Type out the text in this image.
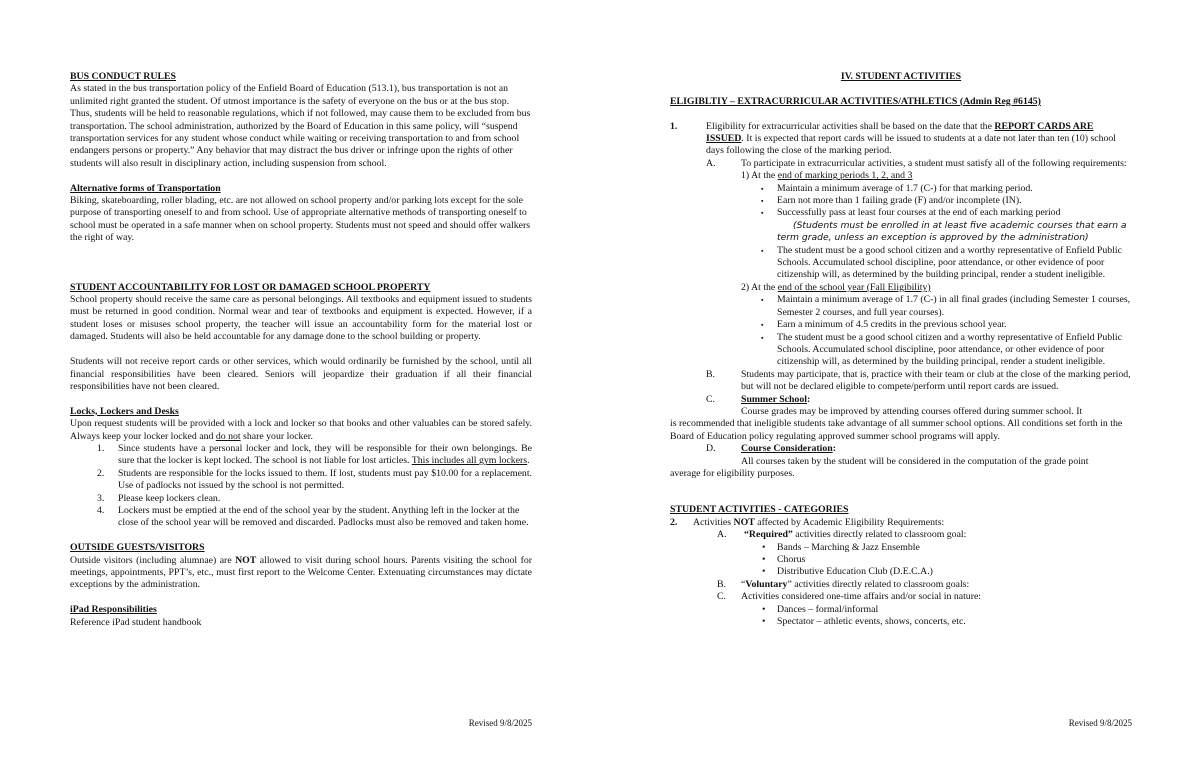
BUS CONDUCT RULES

As stated in the bus transportation policy of the Enfield Board of Education (513.1), bus transportation is not an unlimited right granted the student. Of utmost importance is the safety of everyone on the bus or at the bus stop. Thus, students will be held to reasonable regulations, which if not followed, may cause them to be excluded from bus transportation. The school administration, authorized by the Board of Education in this same policy, will “suspend transportation services for any student whose conduct while waiting or receiving transportation to and from school endangers persons or property.” Any behavior that may distract the bus driver or infringe upon the rights of other students will also result in disciplinary action, including suspension from school.

Alternative forms of Transportation

Biking, skateboarding, roller blading, etc. are not allowed on school property and/or parking lots except for the sole purpose of transporting oneself to and from school. Use of appropriate alternative methods of transporting oneself to school must be operated in a safe manner when on school property. Students must not speed and should offer walkers the right of way.

STUDENT ACCOUNTABILITY FOR LOST OR DAMAGED SCHOOL PROPERTY

School property should receive the same care as personal belongings. All textbooks and equipment issued to students must be returned in good condition. Normal wear and tear of textbooks and equipment is expected. However, if a student loses or misuses school property, the teacher will issue an accountability form for the material lost or damaged. Students will also be held accountable for any damage done to the school building or property.

Students will not receive report cards or other services, which would ordinarily be furnished by the school, until all financial responsibilities have been cleared. Seniors will jeopardize their graduation if all their financial responsibilities have not been cleared.

Locks, Lockers and Desks

Upon request students will be provided with a lock and locker so that books and other valuables can be stored safely. Always keep your locker locked and do not share your locker.

1. Since students have a personal locker and lock, they will be responsible for their own belongings. Be sure that the locker is kept locked. The school is not liable for lost articles. This includes all gym lockers.
2. Students are responsible for the locks issued to them. If lost, students must pay $10.00 for a replacement. Use of padlocks not issued by the school is not permitted.
3. Please keep lockers clean.
4. Lockers must be emptied at the end of the school year by the student. Anything left in the locker at the close of the school year will be removed and discarded. Padlocks must also be removed and taken home.
OUTSIDE GUESTS/VISITORS

Outside visitors (including alumnae) are NOT allowed to visit during school hours. Parents visiting the school for meetings, appointments, PPT’s, etc., must first report to the Welcome Center. Extenuating circumstances may dictate exceptions by the administration.

iPad Responsibilities

Reference iPad student handbook

Revised 9/8/2025
IV. STUDENT ACTIVITIES
ELIGIBLTIY – EXTRACURRICULAR ACTIVITIES/ATHLETICS (Admin Reg #6145)
1.	Eligibility for extracurricular activities shall be based on the date that the REPORT CARDS ARE ISSUED. It is expected that report cards will be issued to students at a date not later than ten (10) school days following the close of the marking period.
A.	To participate in extracurricular activities, a student must satisfy all of the following requirements:
1) At the end of marking periods 1, 2, and 3
▪ Maintain a minimum average of 1.7 (C-) for that marking period.
▪ Earn not more than 1 failing grade (F) and/or incomplete (IN).
▪ Successfully pass at least four courses at the end of each marking period
(Students must be enrolled in at least five academic courses that earn a term grade, unless an exception is approved by the administration)
▪ The student must be a good school citizen and a worthy representative of Enfield Public Schools. Accumulated school discipline, poor attendance, or other evidence of poor citizenship will, as determined by the building principal, render a student ineligible.
2) At the end of the school year (Fall Eligibility)
▪ Maintain a minimum average of 1.7 (C-) in all final grades (including Semester 1 courses, Semester 2 courses, and full year courses).
▪ Earn a minimum of 4.5 credits in the previous school year.
▪ The student must be a good school citizen and a worthy representative of Enfield Public Schools. Accumulated school discipline, poor attendance, or other evidence of poor citizenship will, as determined by the building principal, render a student ineligible.
B.	Students may participate, that is, practice with their team or club at the close of the marking period, but will not be declared eligible to compete/perform until report cards are issued.
C.	Summer School:
Course grades may be improved by attending courses offered during summer school. It
is recommended that ineligible students take advantage of all summer school options. All conditions set forth in the Board of Education policy regulating approved summer school programs will apply.
D.	Course Consideration:
All courses taken by the student will be considered in the computation of the grade point
average for eligibility purposes.
STUDENT ACTIVITIES - CATEGORIES
2. Activities NOT affected by Academic Eligibility Requirements:
A. “Required” activities directly related to classroom goal:
• Bands – Marching & Jazz Ensemble
• Chorus
• Distributive Education Club (D.E.C.A.)
B. “Voluntary” activities directly related to classroom goals:
C. Activities considered one-time affairs and/or social in nature:
• Dances – formal/informal
• Spectator – athletic events, shows, concerts, etc.
Revised 9/8/2025
